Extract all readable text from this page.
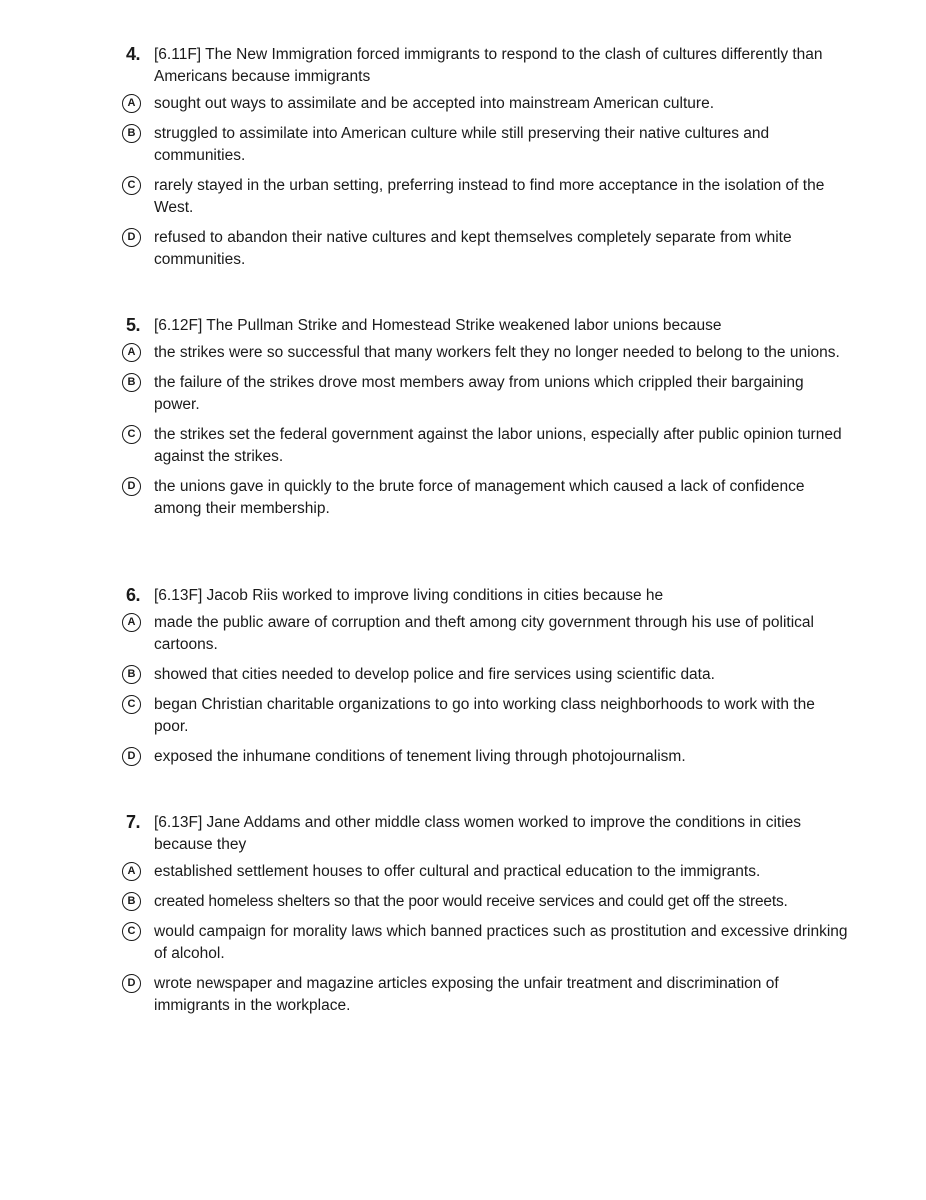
4. [6.11F] The New Immigration forced immigrants to respond to the clash of cultures differently than Americans because immigrants
A	sought out ways to assimilate and be accepted into mainstream American culture.
B	struggled to assimilate into American culture while still preserving their native cultures and communities.
C	rarely stayed in the urban setting, preferring instead to find more acceptance in the isolation of the West.
D	refused to abandon their native cultures and kept themselves completely separate from white communities.
5. [6.12F] The Pullman Strike and Homestead Strike weakened labor unions because
A	the strikes were so successful that many workers felt they no longer needed to belong to the unions.
B	the failure of the strikes drove most members away from unions which crippled their bargaining power.
C	the strikes set the federal government against the labor unions, especially after public opinion turned against the strikes.
D	the unions gave in quickly to the brute force of management which caused a lack of confidence among their membership.
6. [6.13F] Jacob Riis worked to improve living conditions in cities because he
A	made the public aware of corruption and theft among city government through his use of political cartoons.
B	showed that cities needed to develop police and fire services using scientific data.
C	began Christian charitable organizations to go into working class neighborhoods to work with the poor.
D	exposed the inhumane conditions of tenement living through photojournalism.
7. [6.13F] Jane Addams and other middle class women worked to improve the conditions in cities because they
A	established settlement houses to offer cultural and practical education to the immigrants.
B	created homeless shelters so that the poor would receive services and could get off the streets.
C	would campaign for morality laws which banned practices such as prostitution and excessive drinking of alcohol.
D	wrote newspaper and magazine articles exposing the unfair treatment and discrimination of immigrants in the workplace.
